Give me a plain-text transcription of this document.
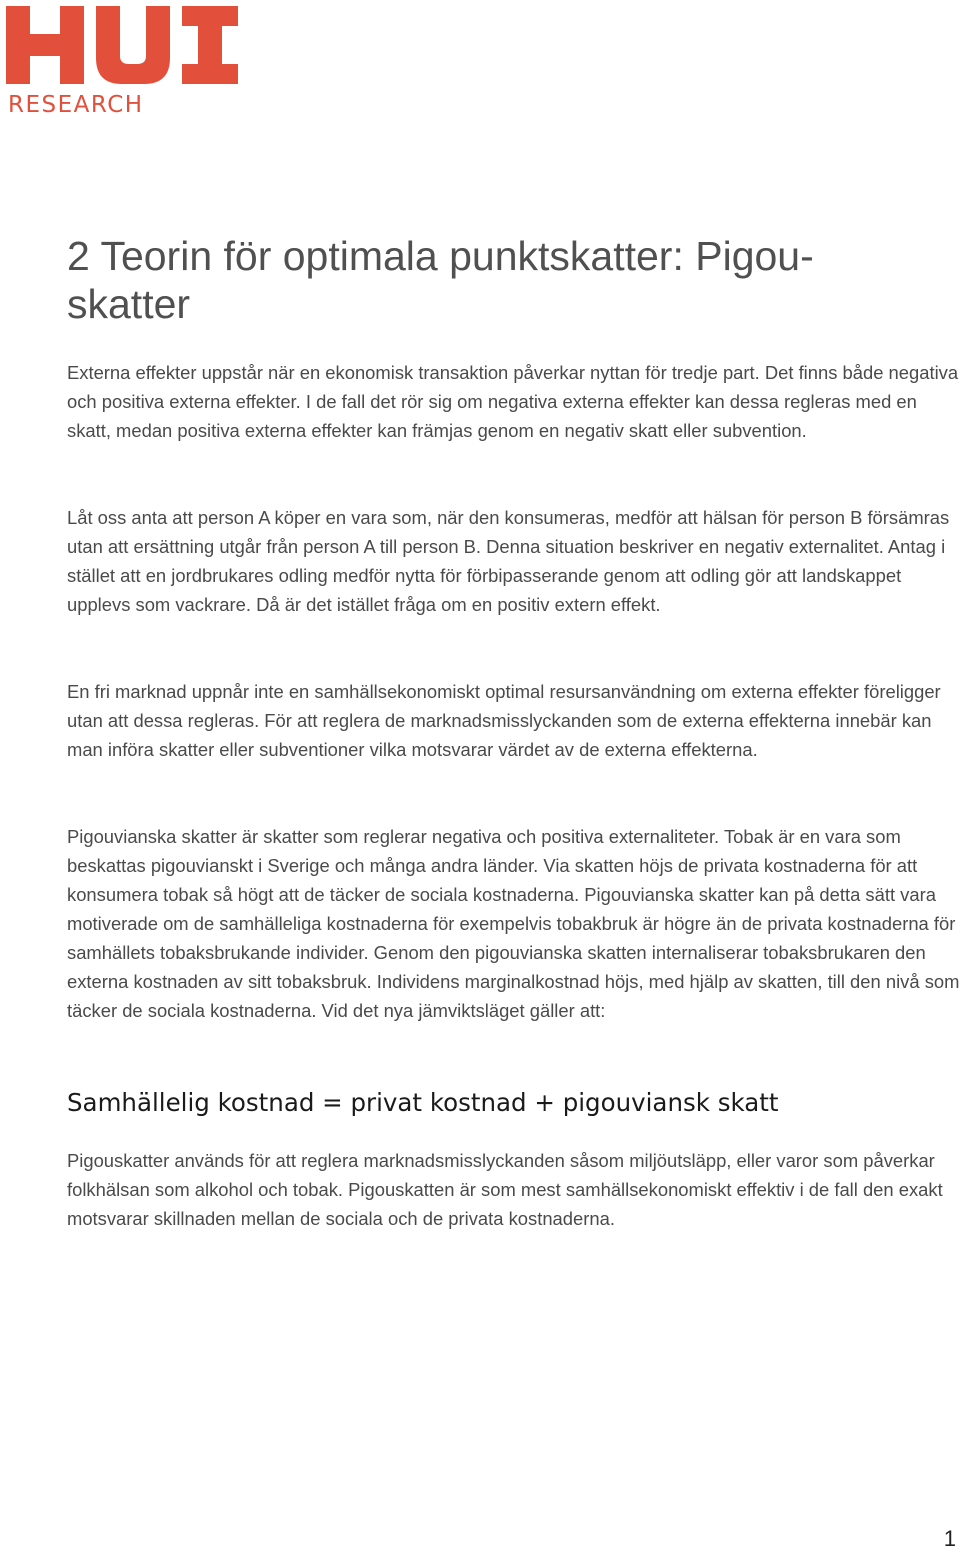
RESEARCH
2 Teorin för optimala punktskatter: Pigou-skatter

Externa effekter uppstår när en ekonomisk transaktion påverkar nyttan för tredje part. Det finns både negativa och positiva externa effekter. I de fall det rör sig om negativa externa effekter kan dessa regleras med en skatt, medan positiva externa effekter kan främjas genom en negativ skatt eller subvention.

Låt oss anta att person A köper en vara som, när den konsumeras, medför att hälsan för person B försämras utan att ersättning utgår från person A till person B. Denna situation beskriver en negativ externalitet. Antag i stället att en jordbrukares odling medför nytta för förbipasserande genom att odling gör att landskappet upplevs som vackrare. Då är det istället fråga om en positiv extern effekt.

En fri marknad uppnår inte en samhällsekonomiskt optimal resursanvändning om externa effekter föreligger utan att dessa regleras. För att reglera de marknadsmisslyckanden som de externa effekterna innebär kan man införa skatter eller subventioner vilka motsvarar värdet av de externa effekterna.

Pigouvianska skatter är skatter som reglerar negativa och positiva externaliteter. Tobak är en vara som beskattas pigouvianskt i Sverige och många andra länder. Via skatten höjs de privata kostnaderna för att konsumera tobak så högt att de täcker de sociala kostnaderna. Pigouvianska skatter kan på detta sätt vara motiverade om de samhälleliga kostnaderna för exempelvis tobakbruk är högre än de privata kostnaderna för samhällets tobaksbrukande individer. Genom den pigouvianska skatten internaliserar tobaksbrukaren den externa kostnaden av sitt tobaksbruk. Individens marginalkostnad höjs, med hjälp av skatten, till den nivå som täcker de sociala kostnaderna. Vid det nya jämviktsläget gäller att:

Samhällelig kostnad = privat kostnad + pigouviansk skatt

Pigouskatter används för att reglera marknadsmisslyckanden såsom miljöutsläpp, eller varor som påverkar folkhälsan som alkohol och tobak. Pigouskatten är som mest samhällsekonomiskt effektiv i de fall den exakt motsvarar skillnaden mellan de sociala och de privata kostnaderna.

1
